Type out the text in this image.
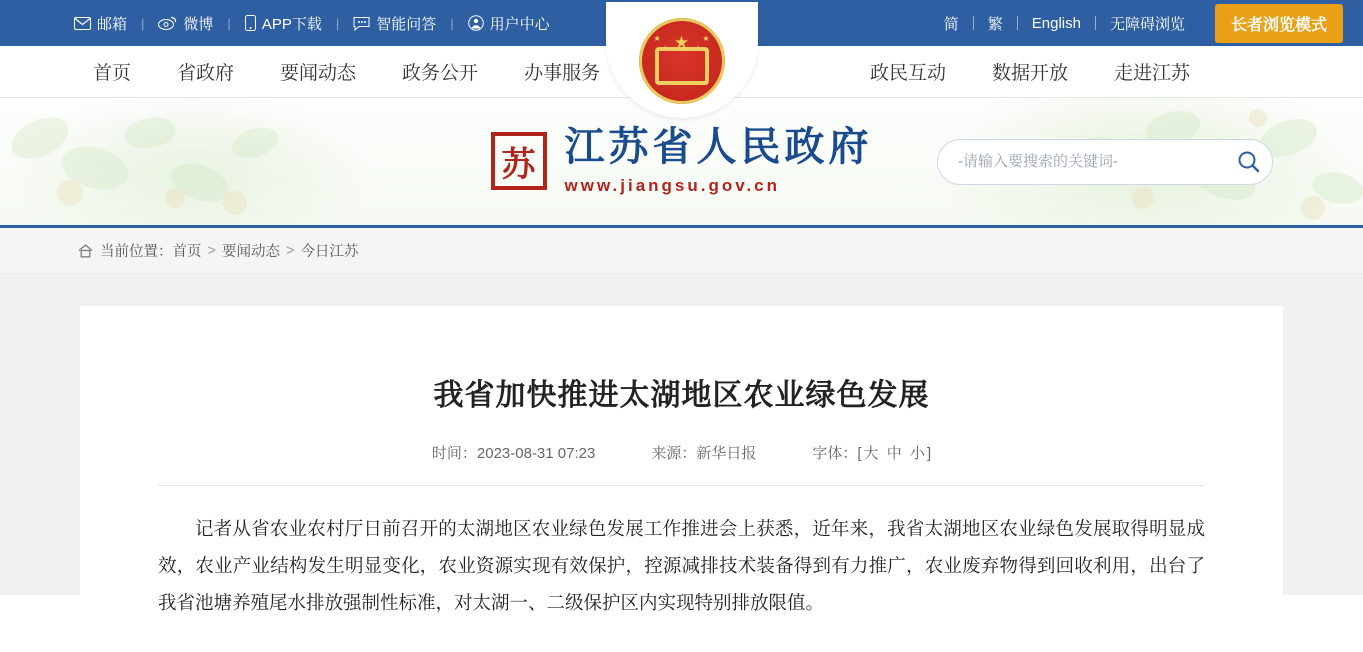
邮箱 |	微博 | APP下载 | 智能问答 | 用户中心	简	繁	English	无障碍浏览	长者浏览模式
首页	省政府	要闻动态	政务公开	办事服务
★
★
★	★
★
政民互动	数据开放	走进江苏
苏 江苏省人民政府
www.jiangsu.gov.cn
-请输入要搜索的关键词-
当前位置： 首页 > 要闻动态 > 今日江苏
我省加快推进太湖地区农业绿色发展
时间：2023-08-31 07:23	来源：新华日报	字体：[ 大 中 小 ]

记者从省农业农村厅日前召开的太湖地区农业绿色发展工作推进会上获悉，近年来，我省太湖地区农业绿色发展取得明显成效，农业产业结构发生明显变化，农业资源实现有效保护，控源减排技术装备得到有力推广，农业废弃物得到回收利用，出台了我省池塘养殖尾水排放强制性标准，对太湖一、二级保护区内实现特别排放限值。
